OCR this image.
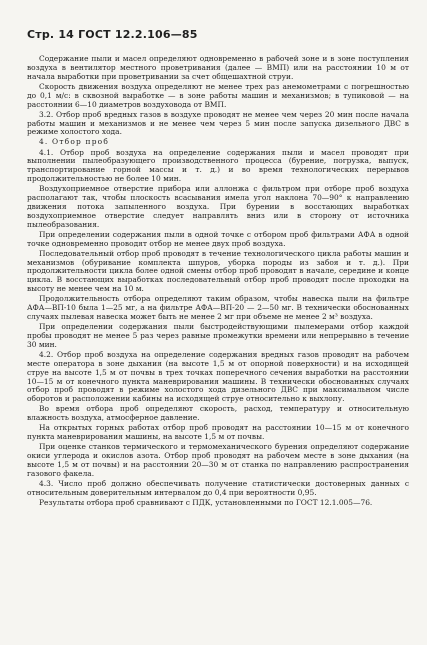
Стр. 14 ГОСТ 12.2.106—85

Содержание пыли и масел определяют одновременно в рабочей зоне и в зоне поступления воздуха в вентилятор местного проветривания (далее — ВМП) или на расстоянии 10 м от начала выработки при проветривании за счет общешахтной струи.

Скорость движения воздуха определяют не менее трех раз анемометрами с погрешностью до 0,1 м/с: в сквозной выработке — в зоне работы машин и механизмов; в тупиковой — на расстоянии 6—10 диаметров воздуховода от ВМП.

3.2. Отбор проб вредных газов в воздухе проводят не менее чем через 20 мин после начала работы машин и механизмов и не менее чем через 5 мин после запуска дизельного ДВС в режиме холостого хода.

4. Отбор проб

4.1. Отбор проб воздуха на определение содержания пыли и масел проводят при выполнении пылеобразующего производственного процесса (бурение, погрузка, выпуск, транспортирование горной массы и т. д.) и во время технологических перерывов продолжительностью не более 10 мин.

Воздухоприемное отверстие прибора или аллонжа с фильтром при отборе проб воздуха располагают так, чтобы плоскость всасывания имела угол наклона 70—90° к направлению движения потока запыленного воздуха. При бурении в восстающих выработках воздухоприемное отверстие следует направлять вниз или в сторону от источника пылеобразования.

При определении содержания пыли в одной точке с отбором проб фильтрами АФА в одной точке одновременно проводят отбор не менее двух проб воздуха.

Последовательный отбор проб проводят в течение технологического цикла работы машин и механизмов (обуривание комплекта шпуров, уборка породы из забоя и т. д.). При продолжительности цикла более одной смены отбор проб проводят в начале, середине и конце цикла. В восстающих выработках последовательный отбор проб проводят после проходки на высоту не менее чем на 10 м.

Продолжительность отбора определяют таким образом, чтобы навеска пыли на фильтре АФА—ВП-10 была 1—25 мг, а на фильтре АФА—ВП-20 — 2—50 мг. В технически обоснованных случаях пылевая навеска может быть не менее 2 мг при объеме не менее 2 м³ воздуха.

При определении содержания пыли быстродействующими пылемерами отбор каждой пробы проводят не менее 5 раз через равные промежутки времени или непрерывно в течение 30 мин.

4.2. Отбор проб воздуха на определение содержания вредных газов проводят на рабочем месте оператора в зоне дыхания (на высоте 1,5 м от опорной поверхности) и на исходящей струе на высоте 1,5 м от почвы в трех точках поперечного сечения выработки на расстоянии 10—15 м от конечного пункта маневрирования машины. В технически обоснованных случаях отбор проб проводят в режиме холостого хода дизельного ДВС при максимальном числе оборотов и расположении кабины на исходящей струе относительно к выхлопу.

Во время отбора проб определяют скорость, расход, температуру и относительную влажность воздуха, атмосферное давление.

На открытых горных работах отбор проб проводят на расстоянии 10—15 м от конечного пункта маневрирования машины, на высоте 1,5 м от почвы.

При оценке станков термического и термомеханического бурения определяют содержание окиси углерода и окислов азота. Отбор проб проводят на рабочем месте в зоне дыхания (на высоте 1,5 м от почвы) и на расстоянии 20—30 м от станка по направлению распространения газового факела.

4.3. Число проб должно обеспечивать получение статистически достоверных данных с относительным доверительным интервалом до 0,4 при вероятности 0,95.

Результаты отбора проб сравнивают с ПДК, установленными по ГОСТ 12.1.005—76.
